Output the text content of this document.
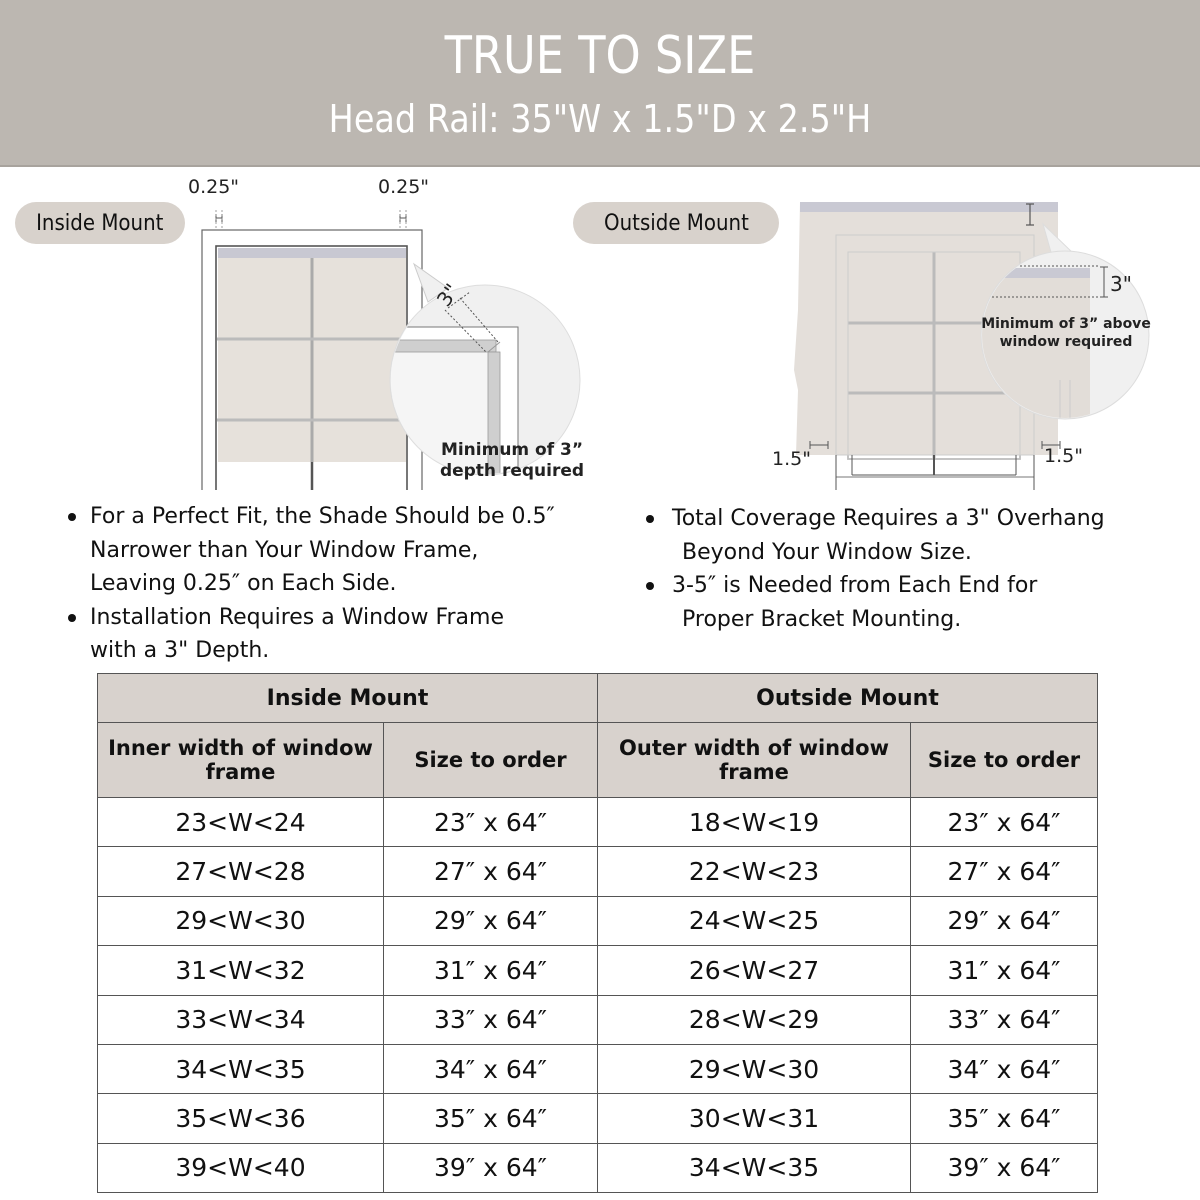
TRUE TO SIZE
Head Rail: 35"W x 1.5"D x 2.5"H
Inside Mount
0.25"	0.25"
3"
Minimum of 3”
depth required
Outside Mount
3"
Minimum of 3” above
window required
1.5"	1.5"
For a Perfect Fit, the Shade Should be 0.5″
Narrower than Your Window Frame,
Leaving 0.25″ on Each Side.
Installation Requires a Window Frame
with a 3" Depth.
Total Coverage Requires a 3" Overhang
Beyond Your Window Size.
3-5″ is Needed from Each End for
Proper Bracket Mounting.
Inside Mount		Outside Mount	
Inner width of window frame	Size to order	Outer width of window frame	Size to order
23<W<24	23″ x 64″	18<W<19	23″ x 64″
27<W<28	27″ x 64″	22<W<23	27″ x 64″
29<W<30	29″ x 64″	24<W<25	29″ x 64″
31<W<32	31″ x 64″	26<W<27	31″ x 64″
33<W<34	33″ x 64″	28<W<29	33″ x 64″
34<W<35	34″ x 64″	29<W<30	34″ x 64″
35<W<36	35″ x 64″	30<W<31	35″ x 64″
39<W<40	39″ x 64″	34<W<35	39″ x 64″
